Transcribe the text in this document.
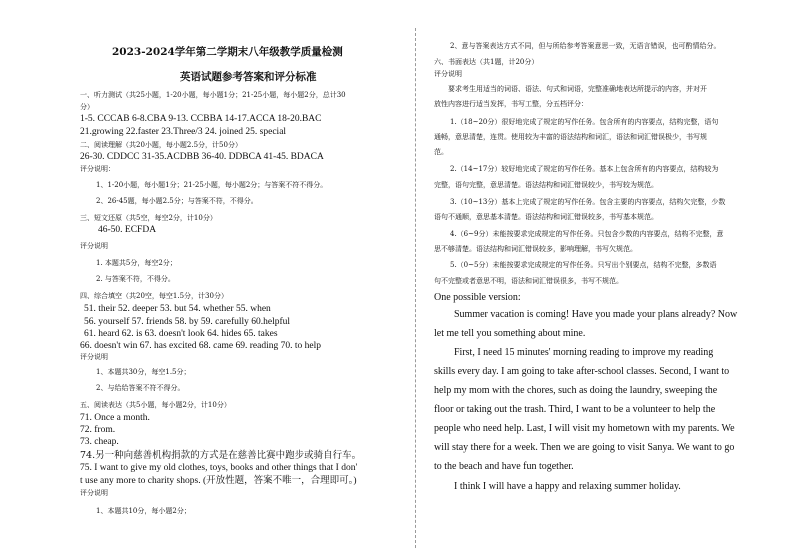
2023-2024学年第二学期末八年级教学质量检测
英语试题参考答案和评分标准
一、听力测试（共25小题，1-20小题，每小题1分；21-25小题，每小题2分，总计30
分）
1-5. CCCAB 6-8.CBA 9-13. CCBBA 14-17.ACCA 18-20.BAC
21.growing 22.faster 23.Three/3 24. joined 25. special
二、阅读理解（共20小题，每小题2.5分，计50分）
26-30. CDDCC 31-35.ACDBB 36-40. DDBCA 41-45. BDACA
评分说明：
1、1-20小题，每小题1分；21-25小题，每小题2分；与答案不符不得分。
2、26-45题，每小题2.5分；与答案不符，不得分。
三、短文还原（共5空，每空2分，计10分）
46-50. ECFDA
评分说明
1. 本题共5分，每空2分；
2. 与答案不符，不得分。
四、综合填空（共20空，每空1.5分，计30分）
51. their 52. deeper 53. but 54. whether 55. when
56. yourself 57. friends 58. by 59. carefully 60.helpful
61. heard 62. is 63. doesn't look 64. hides 65. takes
66. doesn't win 67. has excited 68. came 69. reading 70. to help
评分说明
1、本题共30分，每空1.5分；
2、与给给答案不符不得分。
五、阅读表达（共5小题，每小题2分，计10分）
71. Once a month.
72. from.
73. cheap.
74.另一种向慈善机构捐款的方式是在慈善比赛中跑步或骑自行车。
75. I want to give my old clothes, toys, books and other things that I don'
t use any more to charity shops. (开放性题，答案不唯一，合理即可。)
评分说明
1、本题共10分，每小题2分；
2、意与答案表达方式不同，但与所给参考答案意思一致，无语言错误，也可酌情给分。
六、书面表达（共1题，计20分）
评分说明
要求考生用适当的词语、语法、句式和词语，完整准确地表达所提示的内容，并对开
放性内容进行适当发挥，书写工整，分五档评分：
1.（18~20分）很好地完成了规定的写作任务。包含所有的内容要点，结构完整，语句
通畅，意思清楚，连贯。使用较为丰富的语法结构和词汇，语法和词汇错误极少，书写规
范。
2.（14~17分）较好地完成了规定的写作任务。基本上包含所有的内容要点，结构较为
完整，语句完整，意思清楚。语法结构和词汇错误较少，书写较为规范。
3.（10~13分）基本上完成了规定的写作任务。包含主要的内容要点，结构欠完整，少数
语句不通顺，意思基本清楚。语法结构和词汇错误较多，书写基本规范。
4.（6~9分）未能按要求完成规定的写作任务。只包含少数的内容要点，结构不完整，意
思不够清楚。语法结构和词汇错误较多，影响理解，书写欠规范。
5.（0~5分）未能按要求完成规定的写作任务。只写出个别要点，结构不完整，多数语
句不完整或者意思不明，语法和词汇错误很多，书写不规范。
One possible version:
Summer vacation is coming! Have you made your plans already? Now
let me tell you something about mine.
First, I need 15 minutes' morning reading to improve my reading
skills every day. I am going to take after-school classes. Second, I want to
help my mom with the chores, such as doing the laundry, sweeping the
floor or taking out the trash. Third, I want to be a volunteer to help the
people who need help. Last, I will visit my hometown with my parents. We
will stay there for a week. Then we are going to visit Sanya. We want to go
to the beach and have fun together.
I think I will have a happy and relaxing summer holiday.
